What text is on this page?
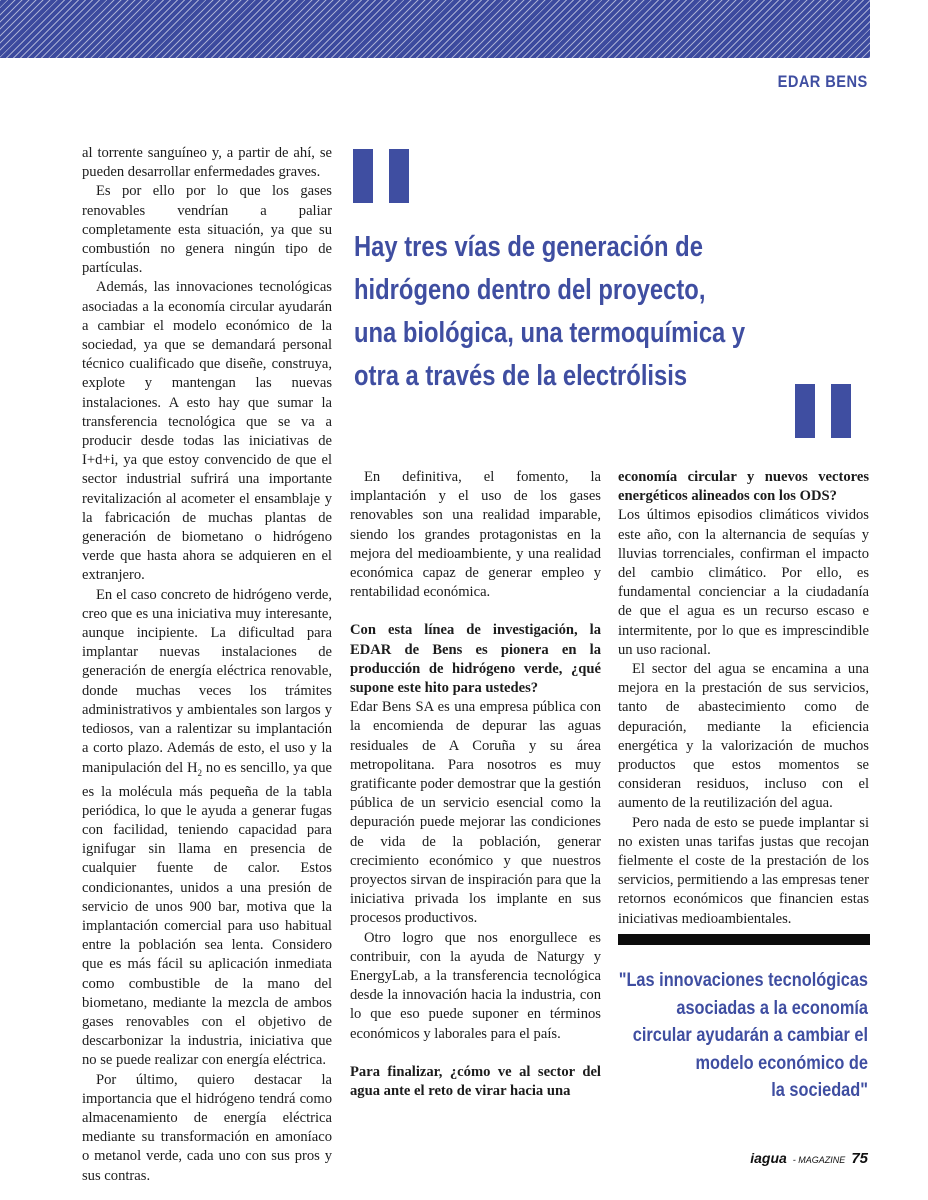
EDAR BENS

al torrente sanguíneo y, a partir de ahí, se pueden desarrollar enfermedades graves.

Es por ello por lo que los gases renovables vendrían a paliar completamente esta situación, ya que su combustión no genera ningún tipo de partículas.

Además, las innovaciones tecnológicas asociadas a la economía circular ayudarán a cambiar el modelo económico de la sociedad, ya que se demandará personal técnico cualificado que diseñe, construya, explote y mantengan las nuevas instalaciones. A esto hay que sumar la transferencia tecnológica que se va a producir desde todas las iniciativas de I+d+i, ya que estoy convencido de que el sector industrial sufrirá una importante revitalización al acometer el ensamblaje y la fabricación de muchas plantas de generación de biometano o hidrógeno verde que hasta ahora se adquieren en el extranjero.

En el caso concreto de hidrógeno verde, creo que es una iniciativa muy interesante, aunque incipiente. La dificultad para implantar nuevas instalaciones de generación de energía eléctrica renovable, donde muchas veces los trámites administrativos y ambientales son largos y tediosos, van a ralentizar su implantación a corto plazo. Además de esto, el uso y la manipulación del $H_2$ no es sencillo, ya que es la molécula más pequeña de la tabla periódica, lo que le ayuda a generar fugas con facilidad, teniendo capacidad para ignifugar sin llama en presencia de cualquier fuente de calor. Estos condicionantes, unidos a una presión de servicio de unos 900 bar, motiva que la implantación comercial para uso habitual entre la población sea lenta. Considero que es más fácil su aplicación inmediata como combustible de la mano del biometano, mediante la mezcla de ambos gases renovables con el objetivo de descarbonizar la industria, iniciativa que no se puede realizar con energía eléctrica.

Por último, quiero destacar la importancia que el hidrógeno tendrá como almacenamiento de energía eléctrica mediante su transformación en amoníaco o metanol verde, cada uno con sus pros y sus contras.

Hay tres vías de generación de
hidrógeno dentro del proyecto,
una biológica, una termoquímica y
otra a través de la electrólisis

En definitiva, el fomento, la implantación y el uso de los gases renovables son una realidad imparable, siendo los grandes protagonistas en la mejora del medioambiente, y una realidad económica capaz de generar empleo y rentabilidad económica.

Con esta línea de investigación, la EDAR de Bens es pionera en la producción de hidrógeno verde, ¿qué supone este hito para ustedes?

Edar Bens SA es una empresa pública con la encomienda de depurar las aguas residuales de A Coruña y su área metropolitana. Para nosotros es muy gratificante poder demostrar que la gestión pública de un servicio esencial como la depuración puede mejorar las condiciones de vida de la población, generar crecimiento económico y que nuestros proyectos sirvan de inspiración para que la iniciativa privada los implante en sus procesos productivos.

Otro logro que nos enorgullece es contribuir, con la ayuda de Naturgy y EnergyLab, a la transferencia tecnológica desde la innovación hacia la industria, con lo que eso puede suponer en términos económicos y laborales para el país.

Para finalizar, ¿cómo ve al sector del agua ante el reto de virar hacia una

economía circular y nuevos vectores energéticos alineados con los ODS?

Los últimos episodios climáticos vividos este año, con la alternancia de sequías y lluvias torrenciales, confirman el impacto del cambio climático. Por ello, es fundamental concienciar a la ciudadanía de que el agua es un recurso escaso e intermitente, por lo que es imprescindible un uso racional.

El sector del agua se encamina a una mejora en la prestación de sus servicios, tanto de abastecimiento como de depuración, mediante la eficiencia energética y la valorización de muchos productos que estos momentos se consideran residuos, incluso con el aumento de la reutilización del agua.

Pero nada de esto se puede implantar si no existen unas tarifas justas que recojan fielmente el coste de la prestación de los servicios, permitiendo a las empresas tener retornos económicos que financien estas iniciativas medioambientales.

"Las innovaciones tecnológicas
asociadas a la economía
circular ayudarán a cambiar el
modelo económico de
la sociedad"
iagua - MAGAZINE 75
